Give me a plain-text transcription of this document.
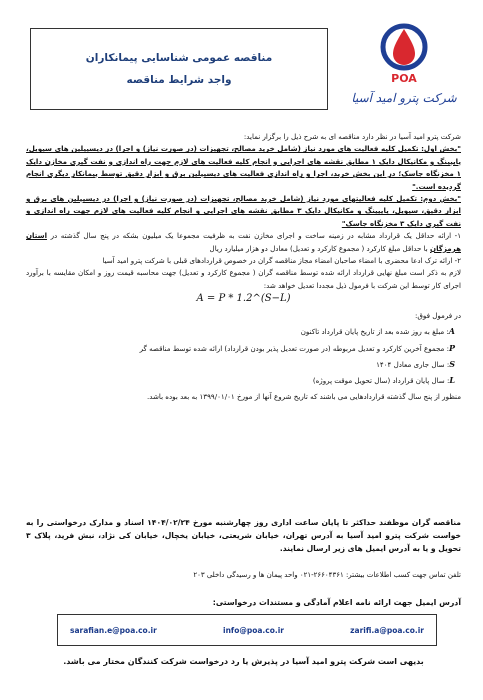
مناقصه عمومی شناسایی پیمانکاران
واجد شرایط مناقصه	POA
شرکت پترو امید آسیا

شرکت پترو امید آسیا در نظر دارد مناقصه ای به شرح ذیل را برگزار نماید:

"بخش اول: تکمیل کلیه فعالیت های مورد نیاز (شامل خرید مصالح، تجهیزات (در صورت نیاز) و اجرا) در دیسیپلین های سیویل، پایپینگ و مکانیکال دایک ۱ مطابق نقشه های اجرایی و انجام کلیه فعالیت های لازم جهت راه اندازی و نفت گیری مخازن دایک ۱ مخزنگاه جاسک؛ در این بخش خرید، اجرا و راه اندازی فعالیت های دیسیپلین برق و ابزار دقیق توسط پیمانکار دیگری انجام گردیده است."

"بخش دوم: تکمیل کلیه فعالیتهای مورد نیاز (شامل خرید مصالح، تجهیزات (در صورت نیاز) و اجرا) در دیسیپلین های برق و ابزار دقیق، سیویل، پایپینگ و مکانیکال دایک ۳ مطابق نقشه های اجرایی و انجام کلیه فعالیت های لازم جهت راه اندازی و نفت گیری دایک ۳ مخزنگاه جاسک"

۱- ارائه حداقل یک قرارداد مشابه در زمینه ساخت و اجرای مخازن نفت به ظرفیت مجموعا یک میلیون بشکه در پنج سال گذشته در استان هرمزگان با حداقل مبلغ کارکرد ( مجموع کارکرد و تعدیل) معادل دو هزار میلیارد ریال

۲- ارائه ترک ادعا محضری با امضاء صاحبان امضاء مجاز مناقصه گران در خصوص قراردادهای قبلی با شرکت پترو امید آسیا

لازم به ذکر است مبلغ نهایی قرارداد ارائه شده توسط مناقصه گران ( مجموع کارکرد و تعدیل) جهت محاسبه قیمت روز و امکان مقایسه با برآورد اجرای کار توسط این شرکت با فرمول ذیل مجددا تعدیل خواهد شد:

A = P * 1.2^(S−L)

در فرمول فوق:

A: مبلغ به روز شده بعد از تاریخ پایان قرارداد تاکنون

P: مجموع آخرین کارکرد و تعدیل مربوطه (در صورت تعدیل پذیر بودن قرارداد) ارائه شده توسط مناقصه گر

S: سال جاری معادل ۱۴۰۴

L: سال پایان قرارداد (سال تحویل موقت پروژه)

منظور از پنج سال گذشته قراردادهایی می باشند که تاریخ شروع آنها از مورخ ۱۳۹۹/۰۱/۰۱ به بعد بوده باشد.

مناقصه گران موظفند حداکثر تا پایان ساعت اداری روز چهارشنبه مورخ ۱۴۰۴/۰۲/۲۴ اسناد و مدارک درخواستی را به خواست شرکت پترو امید آسیا به آدرس تهران، خیابان شریعتی، خیابان یخچال، خیابان کی نژاد، نبش فرید، پلاک ۳ تحویل و یا به آدرس ایمیل های زیر ارسال نمایند.
تلفن تماس جهت کسب اطلاعات بیشتر: ۲۶۶۰۴۳۶۱-۰۲۱ واحد پیمان ها و رسیدگی داخلی ۲۰۳
آدرس ایمیل جهت ارائه نامه اعلام آمادگی و مستندات درخواستی:
sarafian.e@poa.co.ir	info@poa.co.ir	zarifi.a@poa.co.ir
بدیهی است شرکت پترو امید آسیا در پذیرش یا رد درخواست شرکت کنندگان مختار می باشد.
